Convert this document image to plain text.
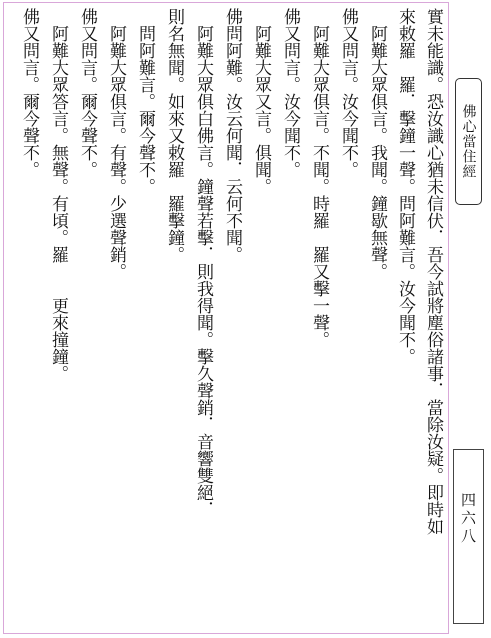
實未能識。恐汝識心猶未信伏．吾今試將塵俗諸事．當除汝疑。即時如
來敕羅　羅．擊鐘一聲。問阿難言。汝今聞不。
　阿難大眾俱言。我聞。鐘歇無聲。
佛又問言。汝今聞不。
　阿難大眾俱言。不聞。時羅　羅又擊一聲。
佛又問言。汝今聞不。
　阿難大眾又言。俱聞。
佛問阿難。汝云何聞．云何不聞。
　阿難大眾俱白佛言。鐘聲若擊．則我得聞。擊久聲銷．音響雙絕．
則名無聞。如來又敕羅　羅擊鐘。
　問阿難言。爾今聲不。
　阿難大眾俱言。有聲。少選聲銷。
佛又問言。爾今聲不。
　阿難大眾答言。無聲。有頃。羅　　更來撞鐘。
佛又問言。爾今聲不。	佛心當住經
四六八
